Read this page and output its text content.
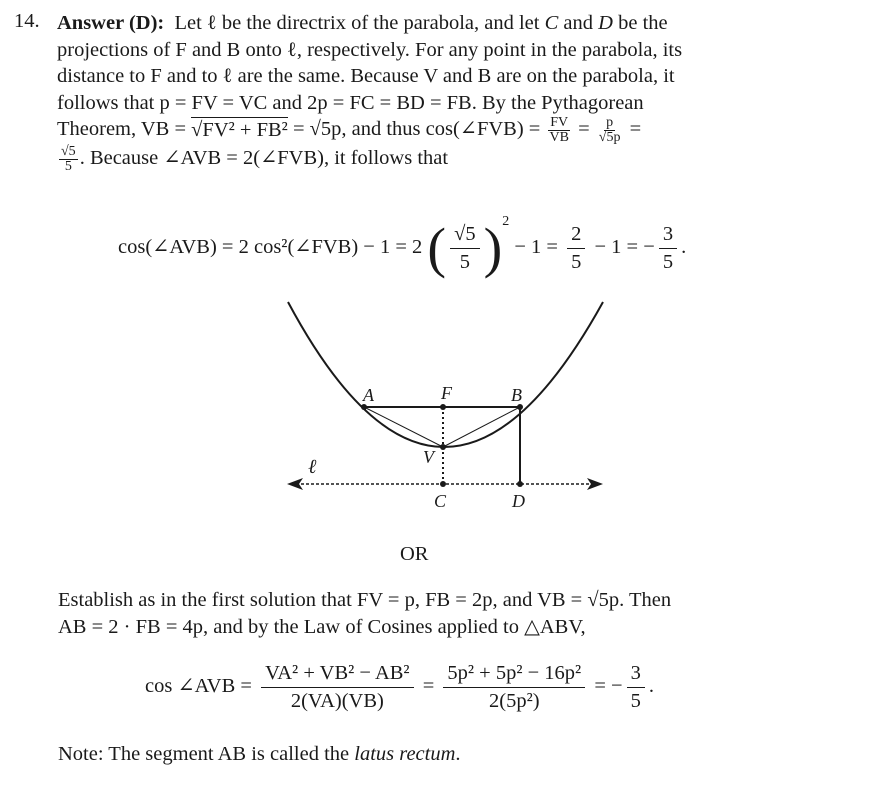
Answer (D): Let ℓ be the directrix of the parabola, and let C and D be the
projections of F and B onto ℓ, respectively. For any point in the parabola, its
distance to F and to ℓ are the same. Because V and B are on the parabola, it
follows that p = FV = VC and 2p = FC = BD = FB. By the Pythagorean
Theorem, VB = √FV² + FB² = √5p, and thus cos(∠FVB) = $\frac{FV}{VB} = \frac{p}{√5p}$ =
$\frac{√5}{5}$ . Because ∠AVB = 2(∠FVB), it follows that
14.
cos(∠AVB) = 2 cos²(∠FVB) − 1 = 2 ( $\frac{√5}{5} )^2 - 1 = \frac{2}{5} - 1$ = − $\frac{3}{5}$ .
A	F	B
V
C	D
ℓ
OR
Establish as in the first solution that FV = p, FB = 2p, and VB = √5p. Then
AB = 2 · FB = 4p, and by the Law of Cosines applied to △ABV,
cos ∠AVB = $\frac{\text{VA² + VB² − AB²}}{2(VA)(VB)} = \frac{\text{5p² + 5p² − 16p²}}{\text{2(5p²)}}$ = − $\frac{3}{5}$ .
Note: The segment AB is called the latus rectum.
